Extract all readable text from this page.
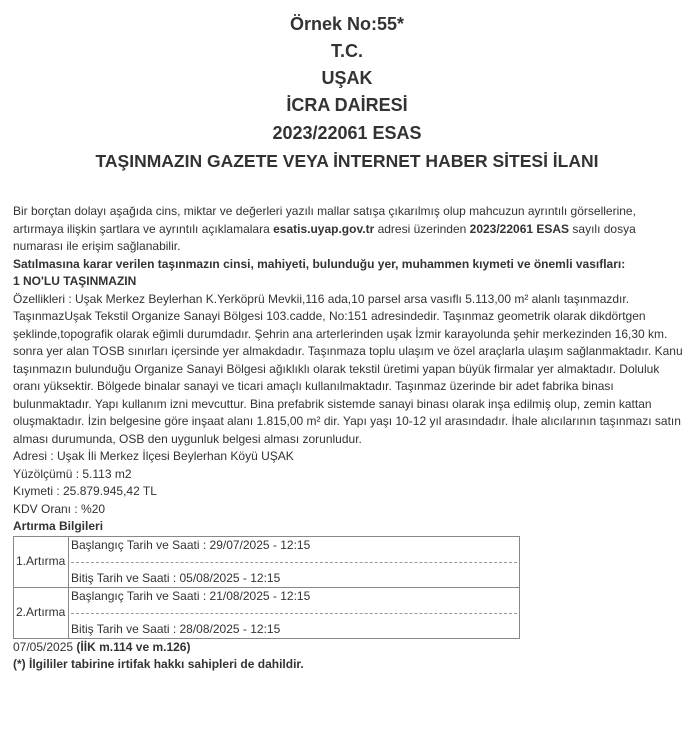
Örnek No:55*

T.C.

UŞAK

İCRA DAİRESİ

2023/22061 ESAS

TAŞINMAZIN GAZETE VEYA İNTERNET HABER SİTESİ İLANI

Bir borçtan dolayı aşağıda cins, miktar ve değerleri yazılı mallar satışa çıkarılmış olup mahcuzun ayrıntılı görsellerine, artırmaya ilişkin şartlara ve ayrıntılı açıklamalara esatis.uyap.gov.tr adresi üzerinden 2023/22061 ESAS sayılı dosya numarası ile erişim sağlanabilir.

Satılmasına karar verilen taşınmazın cinsi, mahiyeti, bulunduğu yer, muhammen kıymeti ve önemli vasıfları:

1 NO'LU TAŞINMAZIN

Özellikleri : Uşak Merkez Beylerhan K.Yerköprü Mevkii,116 ada,10 parsel arsa vasıflı 5.113,00 m² alanlı taşınmazdır. TaşınmazUşak Tekstil Organize Sanayi Bölgesi 103.cadde, No:151 adresindedir. Taşınmaz geometrik olarak dikdörtgen şeklinde,topografik olarak eğimli durumdadır. Şehrin ana arterlerinden uşak İzmir karayolunda şehir merkezinden 16,30 km. sonra yer alan TOSB sınırları içersinde yer almakdadır. Taşınmaza toplu ulaşım ve özel araçlarla ulaşım sağlanmaktadır. Kanu taşınmazın bulunduğu Organize Sanayi Bölgesi ağıklıklı olarak tekstil üretimi yapan büyük firmalar yer almaktadır. Doluluk oranı yüksektir. Bölgede binalar sanayi ve ticari amaçlı kullanılmaktadır. Taşınmaz üzerinde bir adet fabrika binası bulunmaktadır. Yapı kullanım izni mevcuttur. Bina prefabrik sistemde sanayi binası olarak inşa edilmiş olup, zemin kattan oluşmaktadır. İzin belgesine göre inşaat alanı 1.815,00 m² dir. Yapı yaşı 10-12 yıl arasındadır. İhale alıcılarının taşınmazı satın alması durumunda, OSB den uygunluk belgesi alması zorunludur.

Adresi : Uşak İli Merkez İlçesi Beylerhan Köyü UŞAK

Yüzölçümü : 5.113 m2

Kıymeti : 25.879.945,42 TL

KDV Oranı : %20

Artırma Bilgileri

1.Artırma	Başlangıç Tarih ve Saati : 29/07/2025 - 12:15
Bitiş Tarih ve Saati : 05/08/2025 - 12:15

2.Artırma	Başlangıç Tarih ve Saati : 21/08/2025 - 12:15
Bitiş Tarih ve Saati : 28/08/2025 - 12:15

07/05/2025 (İİK m.114 ve m.126)

(*) İlgililer tabirine irtifak hakkı sahipleri de dahildir.
